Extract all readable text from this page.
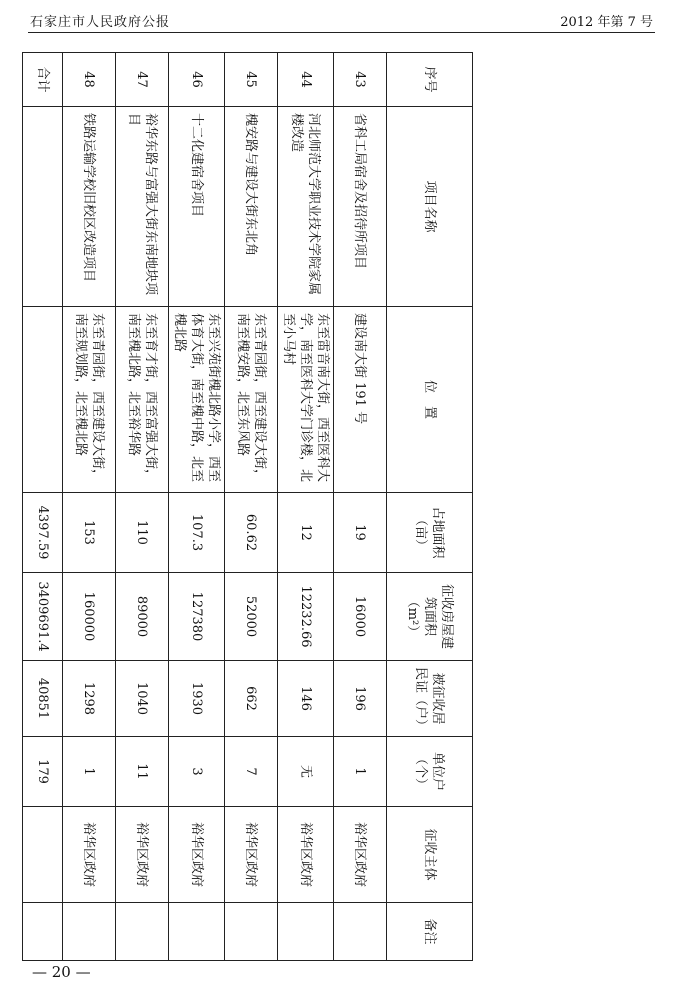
石家庄市人民政府公报	2012 年第 7 号
序号	项目名称	位　置	占地面积（亩）	征收房屋建筑面积（m²）	被征收居民证（户）	单位户（个）	征收主体	备注
43	省科工局宿舍及招待所项目	建设南大街 191 号	19	16000	196	1	裕华区政府	
44	河北师范大学职业技术学院家属楼改造	东至雷音南大街，西至医科大学，南至医科大学门诊楼，北至小马村	12	12232.66	146	无	裕华区政府	
45	槐安路与建设大街东北角	东至青园街，西至建设大街，南至槐安路，北至东风路	60.62	52000	662	7	裕华区政府	
46	十二化建宿舍项目	东至兴苑街槐北路小学，西至体育大街，南至槐中路，北至槐北路	107.3	127380	1930	3	裕华区政府	
47	裕华东路与富强大街东南地块项目	东至育才街，西至富强大街，南至槐北路，北至裕华路	110	89000	1040	11	裕华区政府	
48	铁路运输学校旧校区改造项目	东至青园街，西至建设大街，南至规划路，北至槐北路	153	160000	1298	1	裕华区政府	
合计			4397.59	3409691.4	40851	179		
— 20 —
